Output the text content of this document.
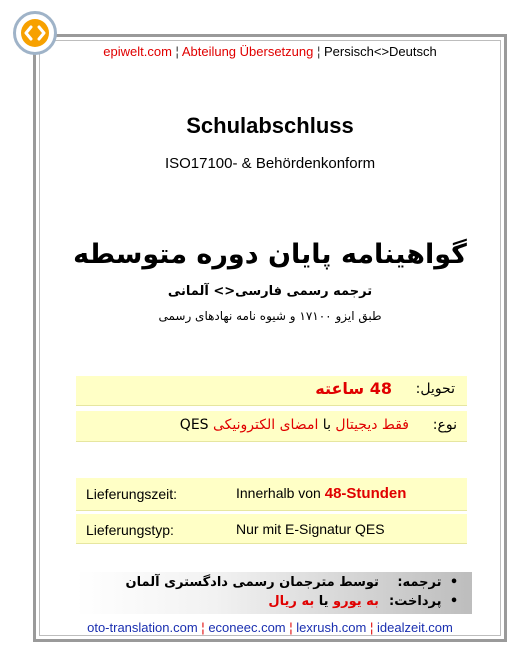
epiwelt.com ¦ Abteilung Übersetzung ¦ Persisch<>Deutsch
Schulabschluss
ISO17100- & Behördenkonform
گواهینامه پایان دوره متوسطه
ترجمه رسمی فارسی<> آلمانی
طبق ایزو ۱۷۱۰۰ و شیوه نامه نهادهای رسمی
تحویل:
48 ساعته
نوع:
فقط دیجیتال با امضای الکترونیکی QES
Lieferungszeit:	Innerhalb von 48-Stunden
Lieferungstyp:	Nur mit E-Signatur QES
• ترجمه: توسط مترجمان رسمی دادگستری آلمان
• پرداخت: به یورو یا به ریال
oto-translation.com ¦ econeec.com ¦ lexrush.com ¦ idealzeit.com
